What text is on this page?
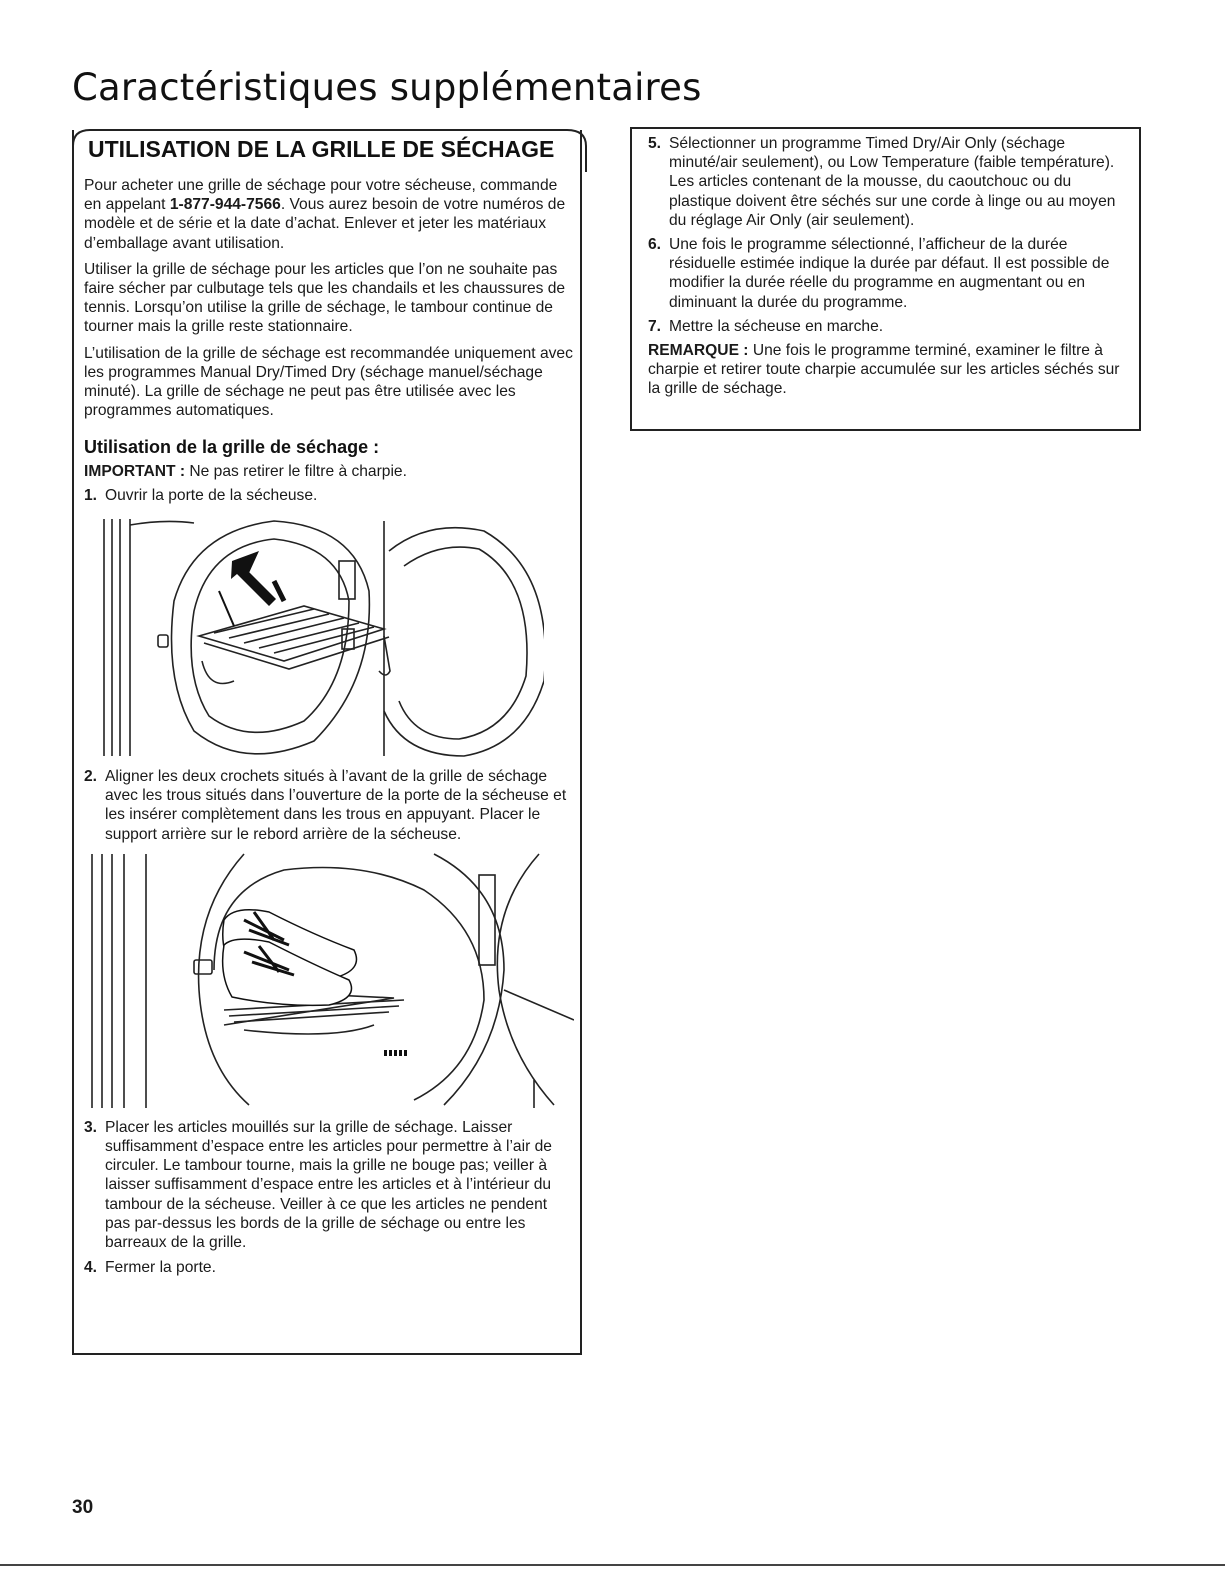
Caractéristiques supplémentaires
UTILISATION DE LA GRILLE DE SÉCHAGE

Pour acheter une grille de séchage pour votre sécheuse, commande en appelant 1-877-944-7566. Vous aurez besoin de votre numéros de modèle et de série et la date d’achat. Enlever et jeter les matériaux d’emballage avant utilisation.

Utiliser la grille de séchage pour les articles que l’on ne souhaite pas faire sécher par culbutage tels que les chandails et les chaussures de tennis. Lorsqu’on utilise la grille de séchage, le tambour continue de tourner mais la grille reste stationnaire.

L’utilisation de la grille de séchage est recommandée uniquement avec les programmes Manual Dry/Timed Dry (séchage manuel/séchage minuté). La grille de séchage ne peut pas être utilisée avec les programmes automatiques.

Utilisation de la grille de séchage :

IMPORTANT : Ne pas retirer le filtre à charpie.

1. Ouvrir la porte de la sécheuse.
2. Aligner les deux crochets situés à l’avant de la grille de séchage avec les trous situés dans l’ouverture de la porte de la sécheuse et les insérer complètement dans les trous en appuyant. Placer le support arrière sur le rebord arrière de la sécheuse.
3. Placer les articles mouillés sur la grille de séchage. Laisser suffisamment d’espace entre les articles pour permettre à l’air de circuler. Le tambour tourne, mais la grille ne bouge pas; veiller à laisser suffisamment d’espace entre les articles et à l’intérieur du tambour de la sécheuse. Veiller à ce que les articles ne pendent pas par-dessus les bords de la grille de séchage ou entre les barreaux de la grille.
4. Fermer la porte.
5. Sélectionner un programme Timed Dry/Air Only (séchage minuté/air seulement), ou Low Temperature (faible température). Les articles contenant de la mousse, du caoutchouc ou du plastique doivent être séchés sur une corde à linge ou au moyen du réglage Air Only (air seulement).
6. Une fois le programme sélectionné, l’afficheur de la durée résiduelle estimée indique la durée par défaut. Il est possible de modifier la durée réelle du programme en augmentant ou en diminuant la durée du programme.
7. Mettre la sécheuse en marche.

REMARQUE : Une fois le programme terminé, examiner le filtre à charpie et retirer toute charpie accumulée sur les articles séchés sur la grille de séchage.

30
